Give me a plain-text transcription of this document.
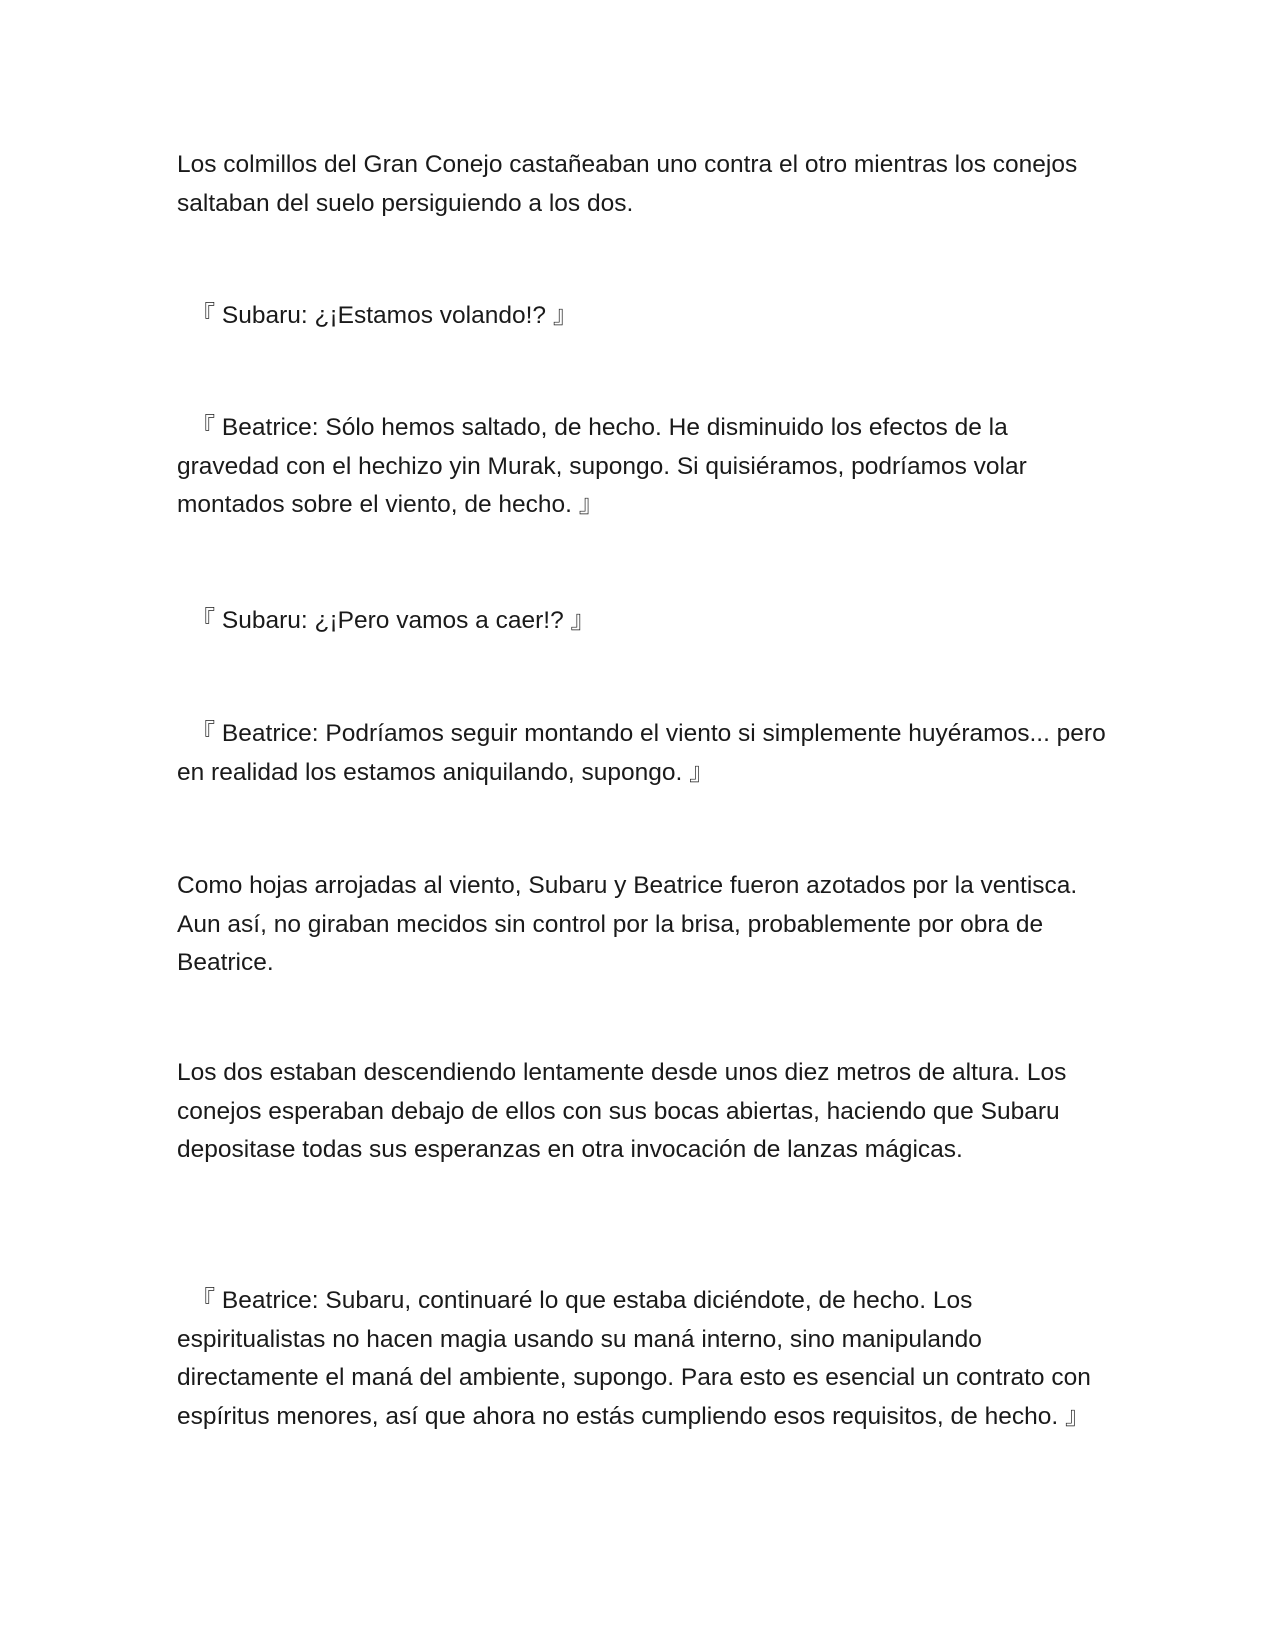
Los colmillos del Gran Conejo castañeaban uno contra el otro mientras los conejos saltaban del suelo persiguiendo a los dos.

『 Subaru: ¿¡Estamos volando!? 』

『 Beatrice: Sólo hemos saltado, de hecho. He disminuido los efectos de la gravedad con el hechizo yin Murak, supongo. Si quisiéramos, podríamos volar montados sobre el viento, de hecho. 』

『 Subaru: ¿¡Pero vamos a caer!? 』

『 Beatrice: Podríamos seguir montando el viento si simplemente huyéramos... pero en realidad los estamos aniquilando, supongo. 』

Como hojas arrojadas al viento, Subaru y Beatrice fueron azotados por la ventisca. Aun así, no giraban mecidos sin control por la brisa, probablemente por obra de Beatrice.

Los dos estaban descendiendo lentamente desde unos diez metros de altura. Los conejos esperaban debajo de ellos con sus bocas abiertas, haciendo que Subaru depositase todas sus esperanzas en otra invocación de lanzas mágicas.

『 Beatrice: Subaru, continuaré lo que estaba diciéndote, de hecho. Los espiritualistas no hacen magia usando su maná interno, sino manipulando directamente el maná del ambiente, supongo. Para esto es esencial un contrato con espíritus menores, así que ahora no estás cumpliendo esos requisitos, de hecho. 』
